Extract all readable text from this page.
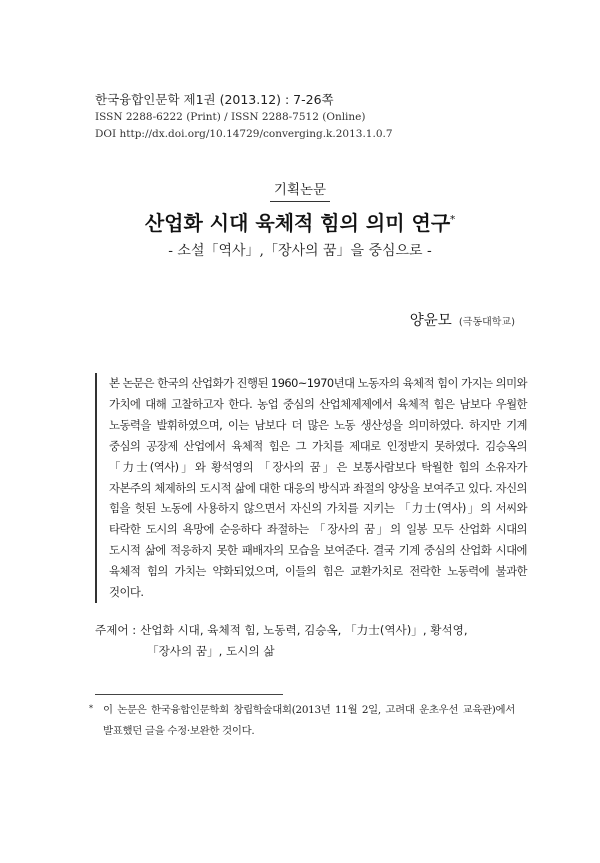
한국융합인문학 제1권 (2013.12) : 7-26쪽
ISSN 2288-6222 (Print) / ISSN 2288-7512 (Online)
DOI http://dx.doi.org/10.14729/converging.k.2013.1.0.7
기획논문
산업화 시대 육체적 힘의 의미 연구*
- 소설「역사」,「장사의 꿈」을 중심으로 -
양윤모 (극동대학교)

본 논문은 한국의 산업화가 진행된 1960~1970년대 노동자의 육체적 힘이 가지는 의미와 가치에 대해 고찰하고자 한다. 농업 중심의 산업체제제에서 육체적 힘은 남보다 우월한 노동력을 발휘하였으며, 이는 남보다 더 많은 노동 생산성을 의미하였다. 하지만 기계 중심의 공장제 산업에서 육체적 힘은 그 가치를 제대로 인정받지 못하였다. 김승옥의 「力士(역사)」와 황석영의 「장사의 꿈」은 보통사람보다 탁월한 힘의 소유자가 자본주의 체제하의 도시적 삶에 대한 대응의 방식과 좌절의 양상을 보여주고 있다. 자신의 힘을 헛된 노동에 사용하지 않으면서 자신의 가치를 지키는 「力士(역사)」의 서씨와 타락한 도시의 욕망에 순응하다 좌절하는 「장사의 꿈」의 일봉 모두 산업화 시대의 도시적 삶에 적응하지 못한 패배자의 모습을 보여준다. 결국 기계 중심의 산업화 시대에 육체적 힘의 가치는 약화되었으며, 이들의 힘은 교환가치로 전락한 노동력에 불과한 것이다.

주제어 : 산업화 시대, 육체적 힘, 노동력, 김승옥, 「力士(역사)」, 황석영,
「장사의 꿈」, 도시의 삶
* 이 논문은 한국융합인문학회 창립학술대회(2013년 11월 2일, 고려대 운초우선 교육관)에서 발표했던 글을 수정·보완한 것이다.
